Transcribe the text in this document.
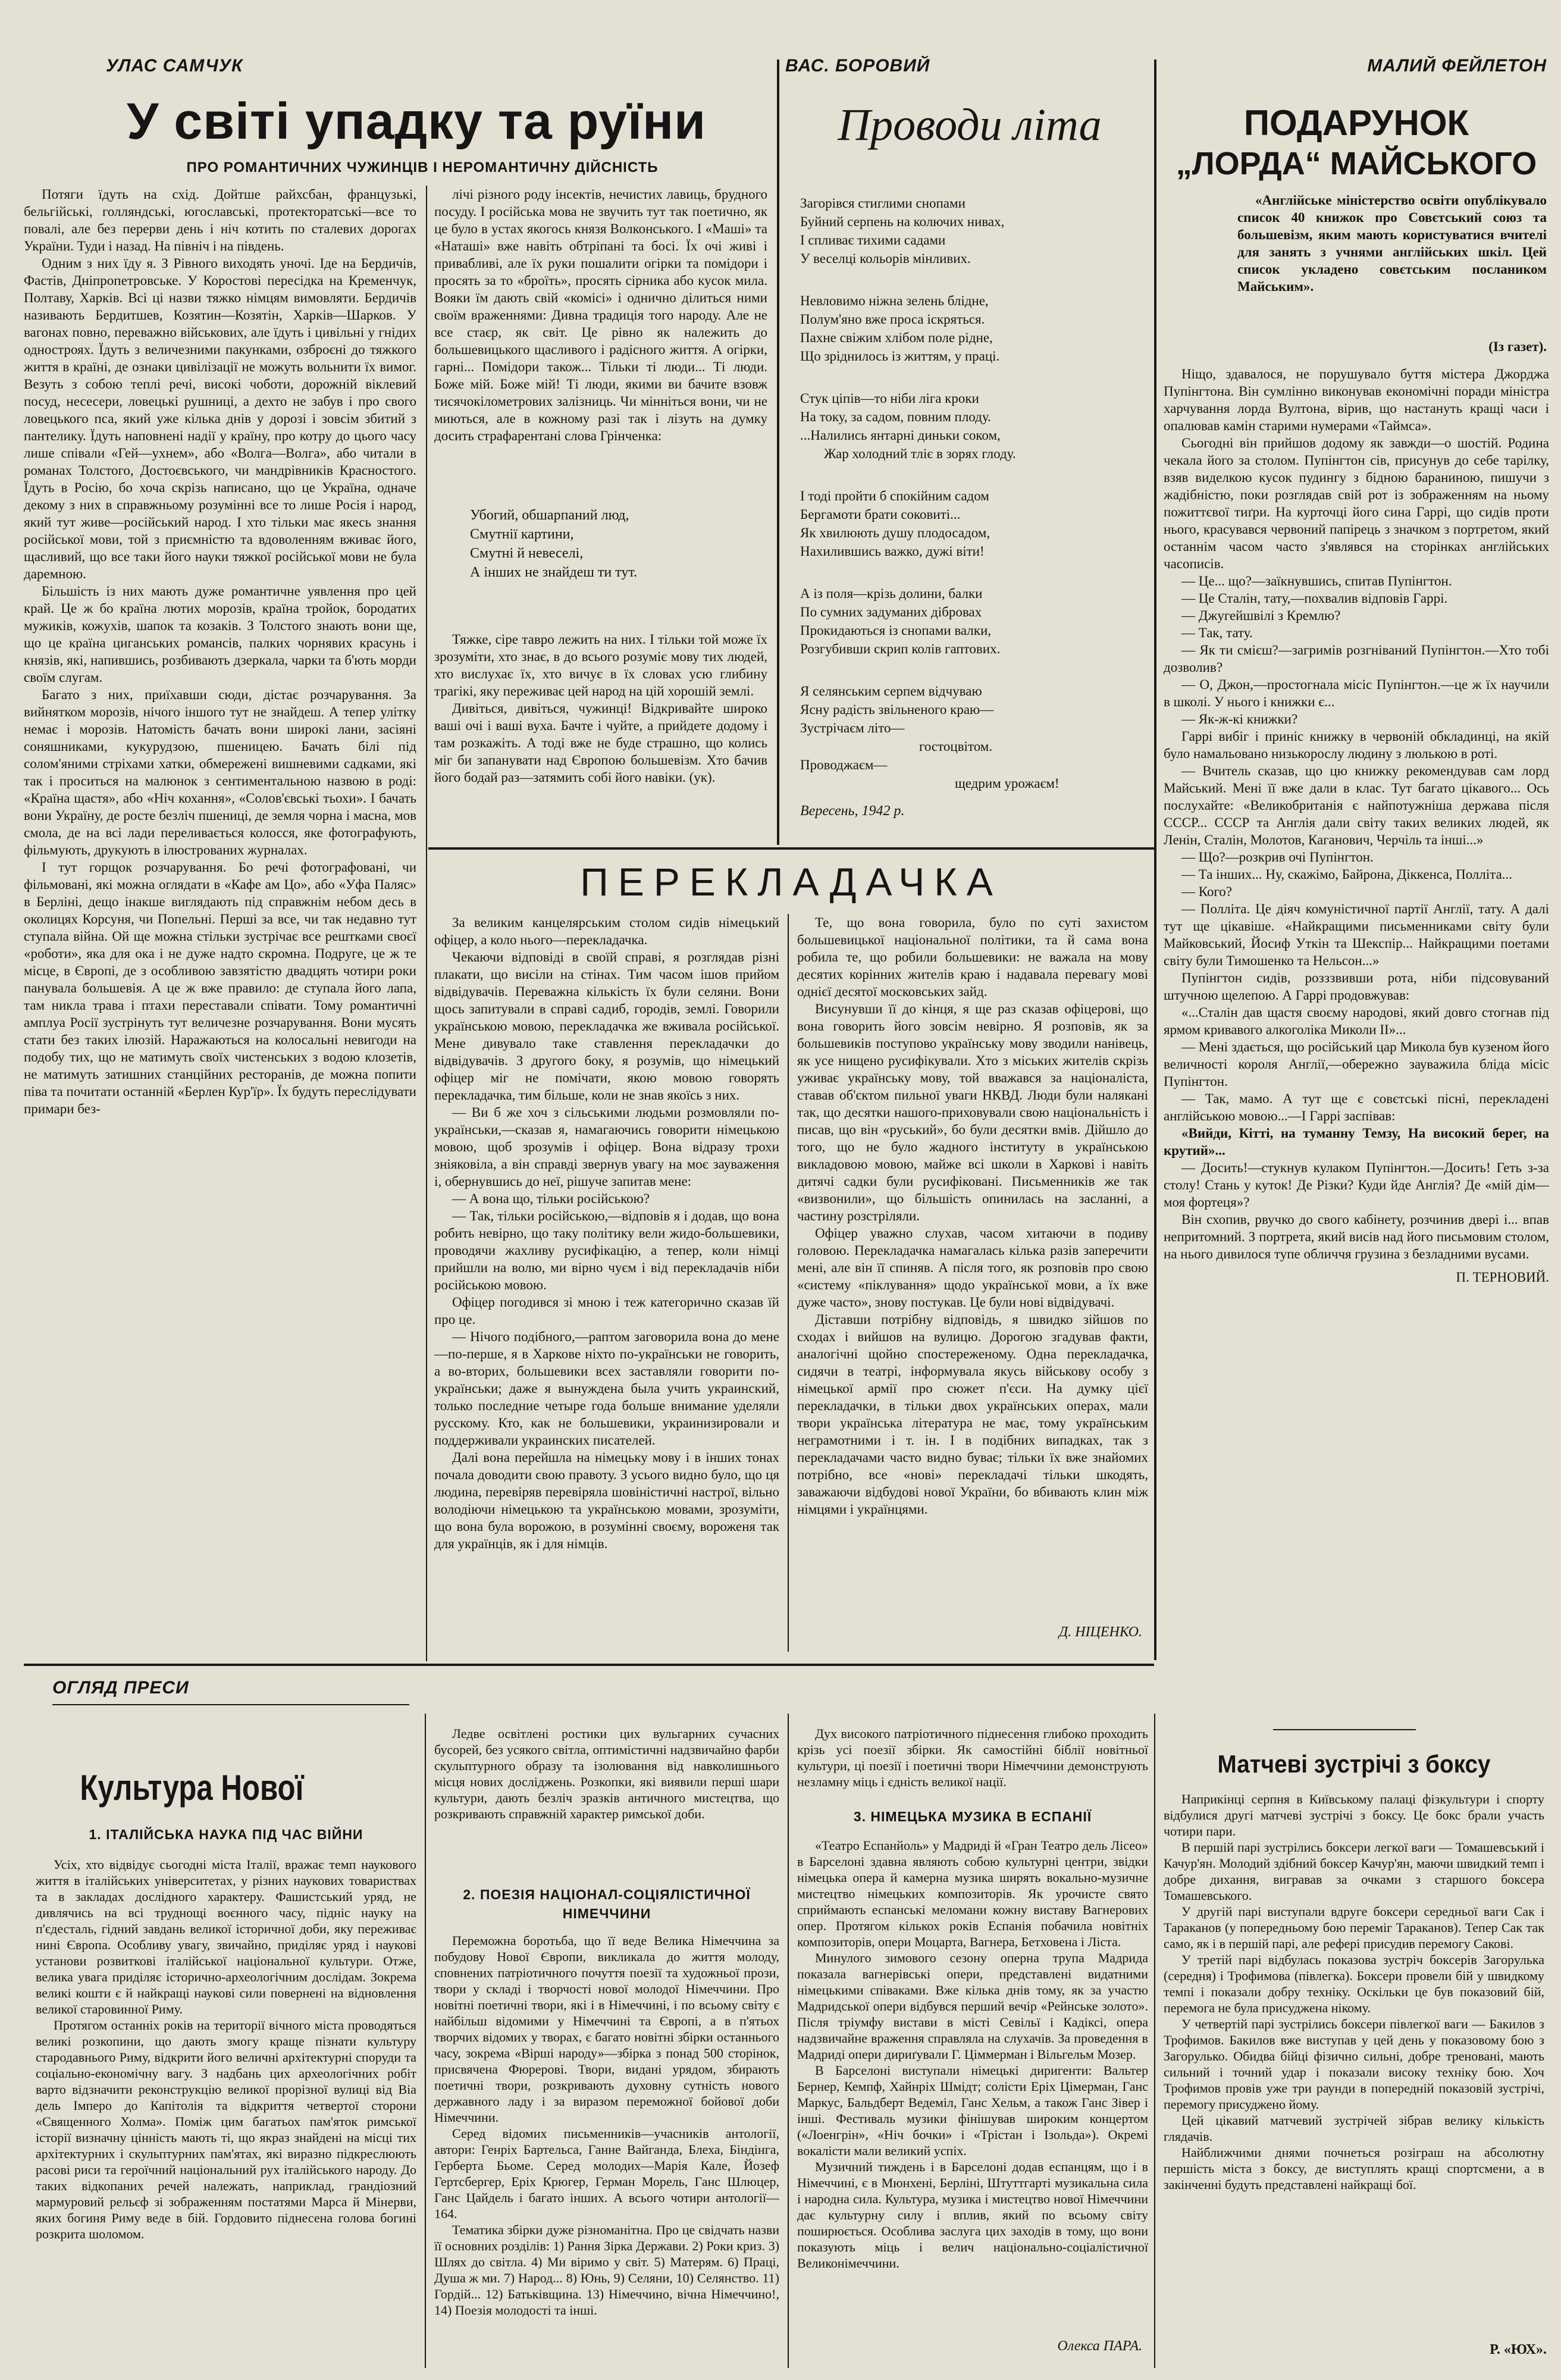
УЛАС САМЧУК
У світі упадку та руїни
ПРО РОМАНТИЧНИХ ЧУЖИНЦІВ І НЕРОМАНТИЧНУ ДІЙСНІСТЬ

Потяги їдуть на схід. Дойтше райхсбан, французькі, бельгійські, голляндські, югославські, протекторатські—все то повалі, але без перерви день і ніч котить по сталевих дорогах України. Туди і назад. На північ і на південь.

Одним з них їду я. З Рівного виходять уночі. Іде на Бердичів, Фастів, Дніпропетровське. У Коростові пересідка на Кременчук, Полтаву, Харків. Всі ці назви тяжко німцям вимовляти. Бердичів називають Бердитшев, Козятин—Козятін, Харків—Шарков. У вагонах повно, переважно військових, але їдуть і цивільні у гнідих одностроях. Їдуть з величезними пакунками, озброєні до тяжкого життя в країні, де ознаки цивілізації не можуть вольнити їх вимог. Везуть з собою теплі речі, високі чоботи, дорожній віклевий посуд, несесери, ловецькі рушниці, а дехто не забув і про свого ловецького пса, який уже кілька днів у дорозі і зовсім збитий з пантелику. Їдуть наповнені надії у країну, про котру до цього часу лише співали «Гей—ухнем», або «Волга—Волга», або читали в романах Толстого, Достоєвського, чи мандрівників Красностого. Їдуть в Росію, бо хоча скрізь написано, що це Україна, одначе декому з них в справжньому розумінні все то лише Росія і народ, який тут живе—російський народ. І хто тільки має якесь знання російської мови, той з приємністю та вдоволенням вживає його, щасливий, що все таки його науки тяжкої російської мови не була даремною.

Більшість із них мають дуже романтичне уявлення про цей край. Це ж бо країна лютих морозів, країна тройок, бородатих мужиків, кожухів, шапок та козаків. З Толстого знають вони ще, що це країна циганських романсів, палких чорнявих красунь і князів, які, напившись, розбивають дзеркала, чарки та б'ють морди своїм слугам.

Багато з них, приїхавши сюди, дістає розчарування. За вийнятком морозів, нічого іншого тут не знайдеш. А тепер улітку немає і морозів. Натомість бачать вони широкі лани, засіяні соняшниками, кукурудзою, пшеницею. Бачать білі під солом'яними стріхами хатки, обмережені вишневими садками, які так і проситься на малюнок з сентиментальною назвою в роді: «Країна щастя», або «Ніч кохання», «Солов'євські тьохи». І бачать вони Україну, де росте безліч пшениці, де земля чорна і масна, мов смола, де на всі лади переливається колосся, яке фотографують, фільмують, друкують в ілюстрованих журналах.

І тут горщок розчарування. Бо речі фотографовані, чи фільмовані, які можна оглядати в «Кафе ам Цо», або «Уфа Паляс» в Берліні, дещо інакше виглядають під справжнім небом десь в околицях Корсуня, чи Попельні. Перші за все, чи так недавно тут ступала війна. Ой ще можна стільки зустрічає все рештками своєї «роботи», яка для ока і не дуже надто скромна. Подруге, це ж те місце, в Європі, де з особливою завзятістю двадцять чотири роки панувала большевія. А це ж вже правило: де ступала його лапа, там никла трава і птахи переставали співати. Тому романтичні амплуа Росії зустрінуть тут величезне розчарування. Вони мусять стати без таких ілюзій. Наражаються на колосальні невигоди на подобу тих, що не матимуть своїх чистенських з водою клозетів, не матимуть затишних станційних ресторанів, де можна попити піва та почитати останній «Берлен Кур'їр». Їх будуть переслідувати примари без-

лічі різного роду інсектів, нечистих лавиць, брудного посуду. І російська мова не звучить тут так поетично, як це було в устах якогось князя Волконського. І «Маші» та «Наташі» вже навіть обтріпані та босі. Їх очі живі і привабливі, але їх руки пошалити огірки та помідори і просять за то «броїть», просять сірника або кусок мила. Вояки їм дають свій «комісі» і однично ділиться ними своїм враженнями: Дивна традиція того народу. Але не все стаєр, як світ. Це рівно як належить до большевицького щасливого і радісного життя. А огірки, гарні... Помідори також... Тільки ті люди... Ті люди. Боже мій. Боже мій! Ті люди, якими ви бачите взовж тисячокілометрових залізниць. Чи мінніться вони, чи не миються, але в кожному разі так і лізуть на думку досить страфарентані слова Грінченка:

Убогий, обшарпаний люд,
Смутнії картини,
Смутні й невеселі,
А інших не знайдеш ти тут.

Тяжке, сіре тавро лежить на них. І тільки той може їх зрозуміти, хто знає, в до всього розуміє мову тих людей, хто вислухає їх, хто вичує в їх словах усю глибину трагікі, яку переживає цей народ на цій хорошій землі.

Дивіться, дивіться, чужинці! Відкривайте широко ваші очі і ваші вуха. Бачте і чуйте, а прийдете додому і там розкажіть. А тоді вже не буде страшно, що колись міг би запанувати над Європою большевізм. Хто бачив його бодай раз—затямить собі його навіки. (ук).

ВАС. БОРОВИЙ
Проводи літа
Загорівся стиглими снопами
Буйний серпень на колючих нивах,
І спливає тихими садами
У веселці кольорів мінливих.
Невловимо ніжна зелень блідне,
Полум'яно вже проса іскряться.
Пахне свіжим хлібом поле рідне,
Що зріднилось із життям, у праці.
Стук ціпів—то ніби ліга кроки
На току, за садом, повним плоду.
...Налились янтарні диньки соком,
Жар холодний тліє в зорях глоду.
І тоді пройти б спокійним садом
Бергамоти брати соковиті...
Як хвилюють душу плодосадом,
Нахилившись важко, дужі віти!
А із поля—крізь долини, балки
По сумних задуманих дібровах
Прокидаються із снопами валки,
Розгубивши скрип колів гаптових.
Я селянським серпем відчуваю
Ясну радість звільненого краю—
Зустрічаєм літо—
гостоцвітом.
Проводжаєм—
щедрим урожаєм!
Вересень, 1942 р.
МАЛИЙ ФЕЙЛЕТОН
ПОДАРУНОК
„ЛОРДА“ МАЙСЬКОГО
«Англійське міністерство освіти опублікувало список 40 книжок про Совєтський союз та большевізм, яким мають користуватися вчителі для занять з учнями англійських шкіл. Цей список укладено совєтським послаником Майським».
(Із газет).

Ніщо, здавалося, не порушувало буття містера Джорджа Пупінгтона. Він сумлінно виконував економічні поради міністра харчування лорда Вултона, вірив, що настануть кращі часи і опалював камін старими нумерами «Таймса».

Сьогодні він прийшов додому як завжди—о шостій. Родина чекала його за столом. Пупінгтон сів, присунув до себе тарілку, взяв виделкою кусок пудингу з бідною бараниною, пишучи з жадібністю, поки розглядав свій рот із зображенням на ньому пожиттєвої тиґри. На курточці його сина Гаррі, що сидів проти нього, красувався червоний папірець з значком з портретом, який останнім часом часто з'являвся на сторінках англійських часописів.

— Це... що?—заїкнувшись, спитав Пупінгтон.

— Це Сталін, тату,—похвалив відповів Гаррі.

— Джугейшвілі з Кремлю?

— Так, тату.

— Як ти смієш?—загримів розгніваний Пупінгтон.—Хто тобі дозволив?

— О, Джон,—простогнала місіс Пупінгтон.—це ж їх научили в школі. У нього і книжки є...

— Як-ж-кі книжки?

Гаррі вибіг і приніс книжку в червоній обкладинці, на якій було намальовано низькорослу людину з люлькою в роті.

— Вчитель сказав, що цю книжку рекомендував сам лорд Майський. Мені її вже дали в клас. Тут багато цікавого... Ось послухайте: «Великобританія є найпотужніша держава після СССР... СССР та Англія дали світу таких великих людей, як Ленін, Сталін, Молотов, Каганович, Черчіль та інші...»

— Що?—розкрив очі Пупінгтон.

— Та інших... Ну, скажімо, Байрона, Діккенса, Полліта...

— Кого?

— Полліта. Це діяч комуністичної партії Англії, тату. А далі тут ще цікавіше. «Найкращими письменниками світу були Майковський, Йосиф Уткін та Шекспір... Найкращими поетами світу були Тимошенко та Нельсон...»

Пупінгтон сидів, розззвивши рота, ніби підсовуваний штучною щелепою. А Гаррі продовжував:

«...Сталін дав щастя своєму народові, який довго стогнав під ярмом кривавого алкоголіка Миколи II»...

— Мені здається, що російський цар Микола був кузеном його величності короля Англії,—обережно зауважила бліда місіс Пупінгтон.

— Так, мамо. А тут ще є совєтські пісні, перекладені англійською мовою...—І Гаррі заспівав:

«Вийди, Кітті, на туманну Темзу, На високий берег, на крутий»...

— Досить!—стукнув кулаком Пупінгтон.—Досить! Геть з-за столу! Стань у куток! Де Різки? Куди йде Англія? Де «мій дім—моя фортеця»?

Він схопив, рвучко до свого кабінету, розчинив двері і... впав непритомний. З портрета, який висів над його письмовим столом, на нього дивилося тупе обличчя грузина з безладними вусами.

П. ТЕРНОВИЙ.
ПЕРЕКЛАДАЧКА

За великим канцелярським столом сидів німецький офіцер, а коло нього—перекладачка.

Чекаючи відповіді в своїй справі, я розглядав різні плакати, що висіли на стінах. Тим часом ішов прийом відвідувачів. Переважна кількість їх були селяни. Вони щось запитували в справі садиб, городів, землі. Говорили українською мовою, перекладачка же вживала російської. Мене дивувало таке ставлення перекладачки до відвідувачів. З другого боку, я розумів, що німецький офіцер міг не помічати, якою мовою говорять перекладачка, тим більше, коли не знав якоїсь з них.

— Ви б же хоч з сільськими людьми розмовляли по-українськи,—сказав я, намагаючись говорити німецькою мовою, щоб зрозумів і офіцер. Вона відразу трохи зніяковіла, а він справді звернув увагу на моє зауваження і, обернувшись до неї, рішуче запитав мене:

— А вона що, тільки російською?

— Так, тільки російською,—відповів я і додав, що вона робить невірно, що таку політику вели жидо-большевики, проводячи жахливу русифікацію, а тепер, коли німці прийшли на волю, ми вірно чуєм і від перекладачів ніби російською мовою.

Офіцер погодився зі мною і теж категорично сказав їй про це.

— Нічого подібного,—раптом заговорила вона до мене—по-перше, я в Харкове ніхто по-українськи не говорить, а во-вторих, большевики всех заставляли говорити по-українськи; даже я вынуждена была учить украинский, только последние четыре года больше внимание уделяли русскому. Кто, как не большевики, украинизировали и поддерживали украинских писателей.

Далі вона перейшла на німецьку мову і в інших тонах почала доводити свою правоту. З усього видно було, що ця людина, перевіряв перевіряла шовіністичні настрої, вільно володіючи німецькою та українською мовами, зрозуміти, що вона була ворожою, в розумінні своєму, вороженя так для українців, як і для німців.

Те, що вона говорила, було по суті захистом большевицької національної політики, та й сама вона робила те, що робили большевики: не важала на мову десятих корінних жителів краю і надавала перевагу мові однієї десятої московських зайд.

Висунувши її до кінця, я ще раз сказав офіцерові, що вона говорить його зовсім невірно. Я розповів, як за большевиків поступово українську мову зводили нанівець, як усе нищено русифікували. Хто з міських жителів скрізь уживає українську мову, той вважався за націоналіста, ставав об'єктом пильної уваги НКВД. Люди були налякані так, що десятки нашого-приховували свою національність і писав, що він «руський», бо були десятки вмів. Дійшло до того, що не було жадного інституту в українською викладовою мовою, майже всі школи в Харкові і навіть дитячі садки були русифіковані. Письменників же так «визвонили», що більшість опинилась на засланні, а частину розстріляли.

Офіцер уважно слухав, часом хитаючи в подиву головою. Перекладачка намагалась кілька разів заперечити мені, але він її спиняв. А після того, як розповів про свою «систему «піклування» щодо української мови, а їх вже дуже часто», знову постукав. Це були нові відвідувачі.

Діставши потрібну відповідь, я швидко зійшов по сходах і вийшов на вулицю. Дорогою згадував факти, аналогічні щойно спостереженому. Одна перекладачка, сидячи в театрі, інформувала якусь військову особу з німецької армії про сюжет п'єси. На думку цієї перекладачки, в тільки двох українських операх, мали твори українська література не має, тому українським неграмотними і т. ін. І в подібних випадках, так з перекладачами часто видно буває; тільки їх вже знайомих потрібно, все «нові» перекладачі тільки шкодять, заважаючи відбудові нової України, бо вбивають клин між німцями і українцями.

Д. НІЦЕНКО.
ОГЛЯД ПРЕСИ
Культура Нової
1. ІТАЛІЙСЬКА НАУКА ПІД ЧАС ВІЙНИ

Усіх, хто відвідує сьогодні міста Італії, вражає темп наукового життя в італійських університетах, у різних наукових товариствах та в закладах дослідного характеру. Фашистський уряд, не дивлячись на всі труднощі воєнного часу, підніс науку на п'єдесталь, гідний завдань великої історичної доби, яку переживає нині Європа. Особливу увагу, звичайно, приділяє уряд і наукові установи розвиткові італійської національної культури. Отже, велика увага приділяє історично-археологічним дослідам. Зокрема великі кошти є й найкращі наукові сили повернені на відновлення великої старовинної Риму.

Протягом останніх років на території вічного міста проводяться великі розкопини, що дають змогу краще пізнати культуру стародавнього Риму, відкрити його величні архітектурні споруди та соціально-економічну вагу. З надбань цих археологічних робіт варто відзначити реконструкцію великої прорізної вулиці від Віа дель Імперо до Капітолія та відкриття четвертої сторони «Священного Холма». Поміж цим багатьох пам'яток римської історії визначну цінність мають ті, що якраз знайдені на місці тих архітектурних і скульптурних пам'ятах, які виразно підкреслюють расові риси та героїчний національний рух італійського народу. До таких відкопаних речей належать, наприклад, грандіозний мармуровий рельєф зі зображенням постатями Марса й Мінерви, яких богиня Риму веде в бій. Гордовито піднесена голова богині розкрита шоломом.

Ледве освітлені ростики цих вульгарних сучасних бусорей, без усякого світла, оптимістичні надзвичайно фарби скульптурного образу та ізолювання від навколишнього місця нових досліджень. Розкопки, які виявили перші шари культури, дають безліч зразків античного мистецтва, що розкривають справжній характер римської доби.

2. ПОЕЗІЯ НАЦІОНАЛ-СОЦІЯЛІСТИЧНОЇ НІМЕЧЧИНИ

Переможна боротьба, що її веде Велика Німеччина за побудову Нової Європи, викликала до життя молоду, сповнених патріотичного почуття поезії та художньої прози, твори у складі і творчості нової молодої Німеччини. Про новітні поетичні твори, які і в Німеччині, і по всьому світу є найбільш відомими у Німеччині та Європі, а в п'ятьох творчих відомих у творах, є багато новітні збірки останнього часу, зокрема «Вірші народу»—збірка з понад 500 сторінок, присвячена Фюрерові. Твори, видані урядом, збирають поетичні твори, розкривають духовну сутність нового державного ладу і за виразом переможної бойової доби Німеччини.

Серед відомих письменників—учасників антології, автори: Генріх Бартельса, Ганне Вайганда, Блеха, Біндінга, Герберта Бьоме. Серед молодих—Марія Кале, Йозеф Гертсбергер, Еріх Крюгер, Герман Морель, Ганс Шлюцер, Ганс Цайдель і багато інших. А всього чотири антології—164.

Тематика збірки дуже різноманітна. Про це свідчать назви її основних розділів: 1) Рання Зірка Держави. 2) Роки криз. 3) Шлях до світла. 4) Ми віримо у світ. 5) Матерям. 6) Праці, Душа ж ми. 7) Народ... 8) Юнь, 9) Селяни, 10) Селянство. 11) Гордій... 12) Батьківщина. 13) Німеччино, вічна Німеччино!, 14) Поезія молодості та інші.

Дух високого патріотичного піднесення глибоко проходить крізь усі поезії збірки. Як самостійні біблії новітньої культури, ці поезії і поетичні твори Німеччини демонструють незламну міць і єдність великої нації.

3. НІМЕЦЬКА МУЗИКА В ЕСПАНІЇ

«Театро Еспанйоль» у Мадриді й «Гран Театро дель Лісео» в Барселоні здавна являють собою культурні центри, звідки німецька опера й камерна музика ширять вокально-музичне мистецтво німецьких композиторів. Як урочисте свято сприймають еспанські меломани кожну виставу Вагнерових опер. Протягом кількох років Еспанія побачила новітніх композиторів, опери Моцарта, Вагнера, Бетховена і Ліста.

Минулого зимового сезону оперна трупа Мадрида показала вагнерівські опери, представлені видатними німецькими співаками. Вже кілька днів тому, як за участю Мадридської опери відбувся перший вечір «Рейнське золото». Після тріумфу вистави в місті Севільї і Кадіксі, опера надзвичайне враження справляла на слухачів. За проведення в Мадриді опери дириґували Г. Ціммерман і Вільгельм Мозер.

В Барселоні виступали німецькі диригенти: Вальтер Бернер, Кемпф, Хайнріх Шмідт; солісти Еріх Цімерман, Ганс Маркус, Бальдберт Ведеміл, Ганс Хельм, а також Ганс Зівер і інші. Фестиваль музики фінішував широким концертом («Лоенгрін», «Ніч бочки» і «Трістан і Ізольда»). Окремі вокалісти мали великий успіх.

Музичний тиждень і в Барселоні додав еспанцям, що і в Німеччині, є в Мюнхені, Берліні, Штуттгарті музикальна сила і народна сила. Культура, музика і мистецтво нової Німеччини дає культурну силу і вплив, який по всьому світу поширюється. Особлива заслуга цих заходів в тому, що вони показують міць і велич національно-соціалістичної Великонімеччини.

Олекса ПАРА.
Матчеві зустрічі з боксу

Наприкінці серпня в Київському палаці фізкультури і спорту відбулися другі матчеві зустрічі з боксу. Це бокс брали участь чотири пари.

В першій парі зустрілись боксери легкої ваги — Томашевський і Качур'ян. Молодий здібний боксер Качур'ян, маючи швидкий темп і добре дихання, вигравав за очками з старшого боксера Томашевського.

У другій парі виступали вдруге боксери середньої ваги Сак і Тараканов (у попередньому бою переміг Тараканов). Тепер Сак так само, як і в першій парі, але реферi присудив перемогу Сакові.

У третій парі відбулась показова зустріч боксерів Загорулька (середня) і Трофимова (півлегка). Боксери провели бій у швидкому темпі і показали добру техніку. Оскільки це був показовий бій, перемога не була присуджена нікому.

У четвертій парі зустрілись боксери півлегкої ваги — Бакилов з Трофимов. Бакилов вже виступав у цей день у показовому бою з Загорулько. Обидва бійці фізично сильні, добре треновані, мають сильний і точний удар і показали високу техніку бою. Хоч Трофимов провів уже три раунди в попередній показовій зустрічі, перемогу присуджено йому.

Цей цікавий матчевий зустрічей зібрав велику кількість глядачів.

Найближчими днями почнеться розіграш на абсолютну першість міста з боксу, де виступлять кращі спортсмени, а в закінченні будуть представлені найкращі бої.

Р. «ЮХ».
